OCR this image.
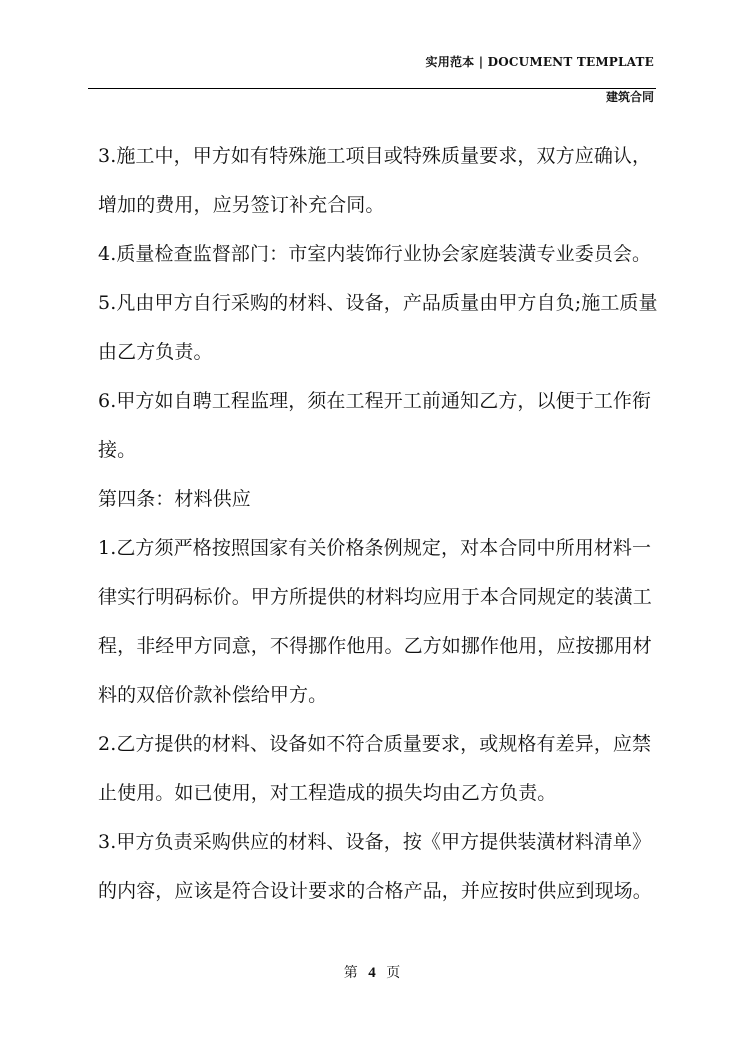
实用范本 | DOCUMENT TEMPLATE
建筑合同
3.施工中，甲方如有特殊施工项目或特殊质量要求，双方应确认，
增加的费用，应另签订补充合同。
4.质量检查监督部门：市室内装饰行业协会家庭装潢专业委员会。
5.凡由甲方自行采购的材料、设备，产品质量由甲方自负;施工质量
由乙方负责。
6.甲方如自聘工程监理，须在工程开工前通知乙方，以便于工作衔
接。
第四条：材料供应
1.乙方须严格按照国家有关价格条例规定，对本合同中所用材料一
律实行明码标价。甲方所提供的材料均应用于本合同规定的装潢工
程，非经甲方同意，不得挪作他用。乙方如挪作他用，应按挪用材
料的双倍价款补偿给甲方。
2.乙方提供的材料、设备如不符合质量要求，或规格有差异，应禁
止使用。如已使用，对工程造成的损失均由乙方负责。
3.甲方负责采购供应的材料、设备，按《甲方提供装潢材料清单》
的内容，应该是符合设计要求的合格产品，并应按时供应到现场。
第 4 页
